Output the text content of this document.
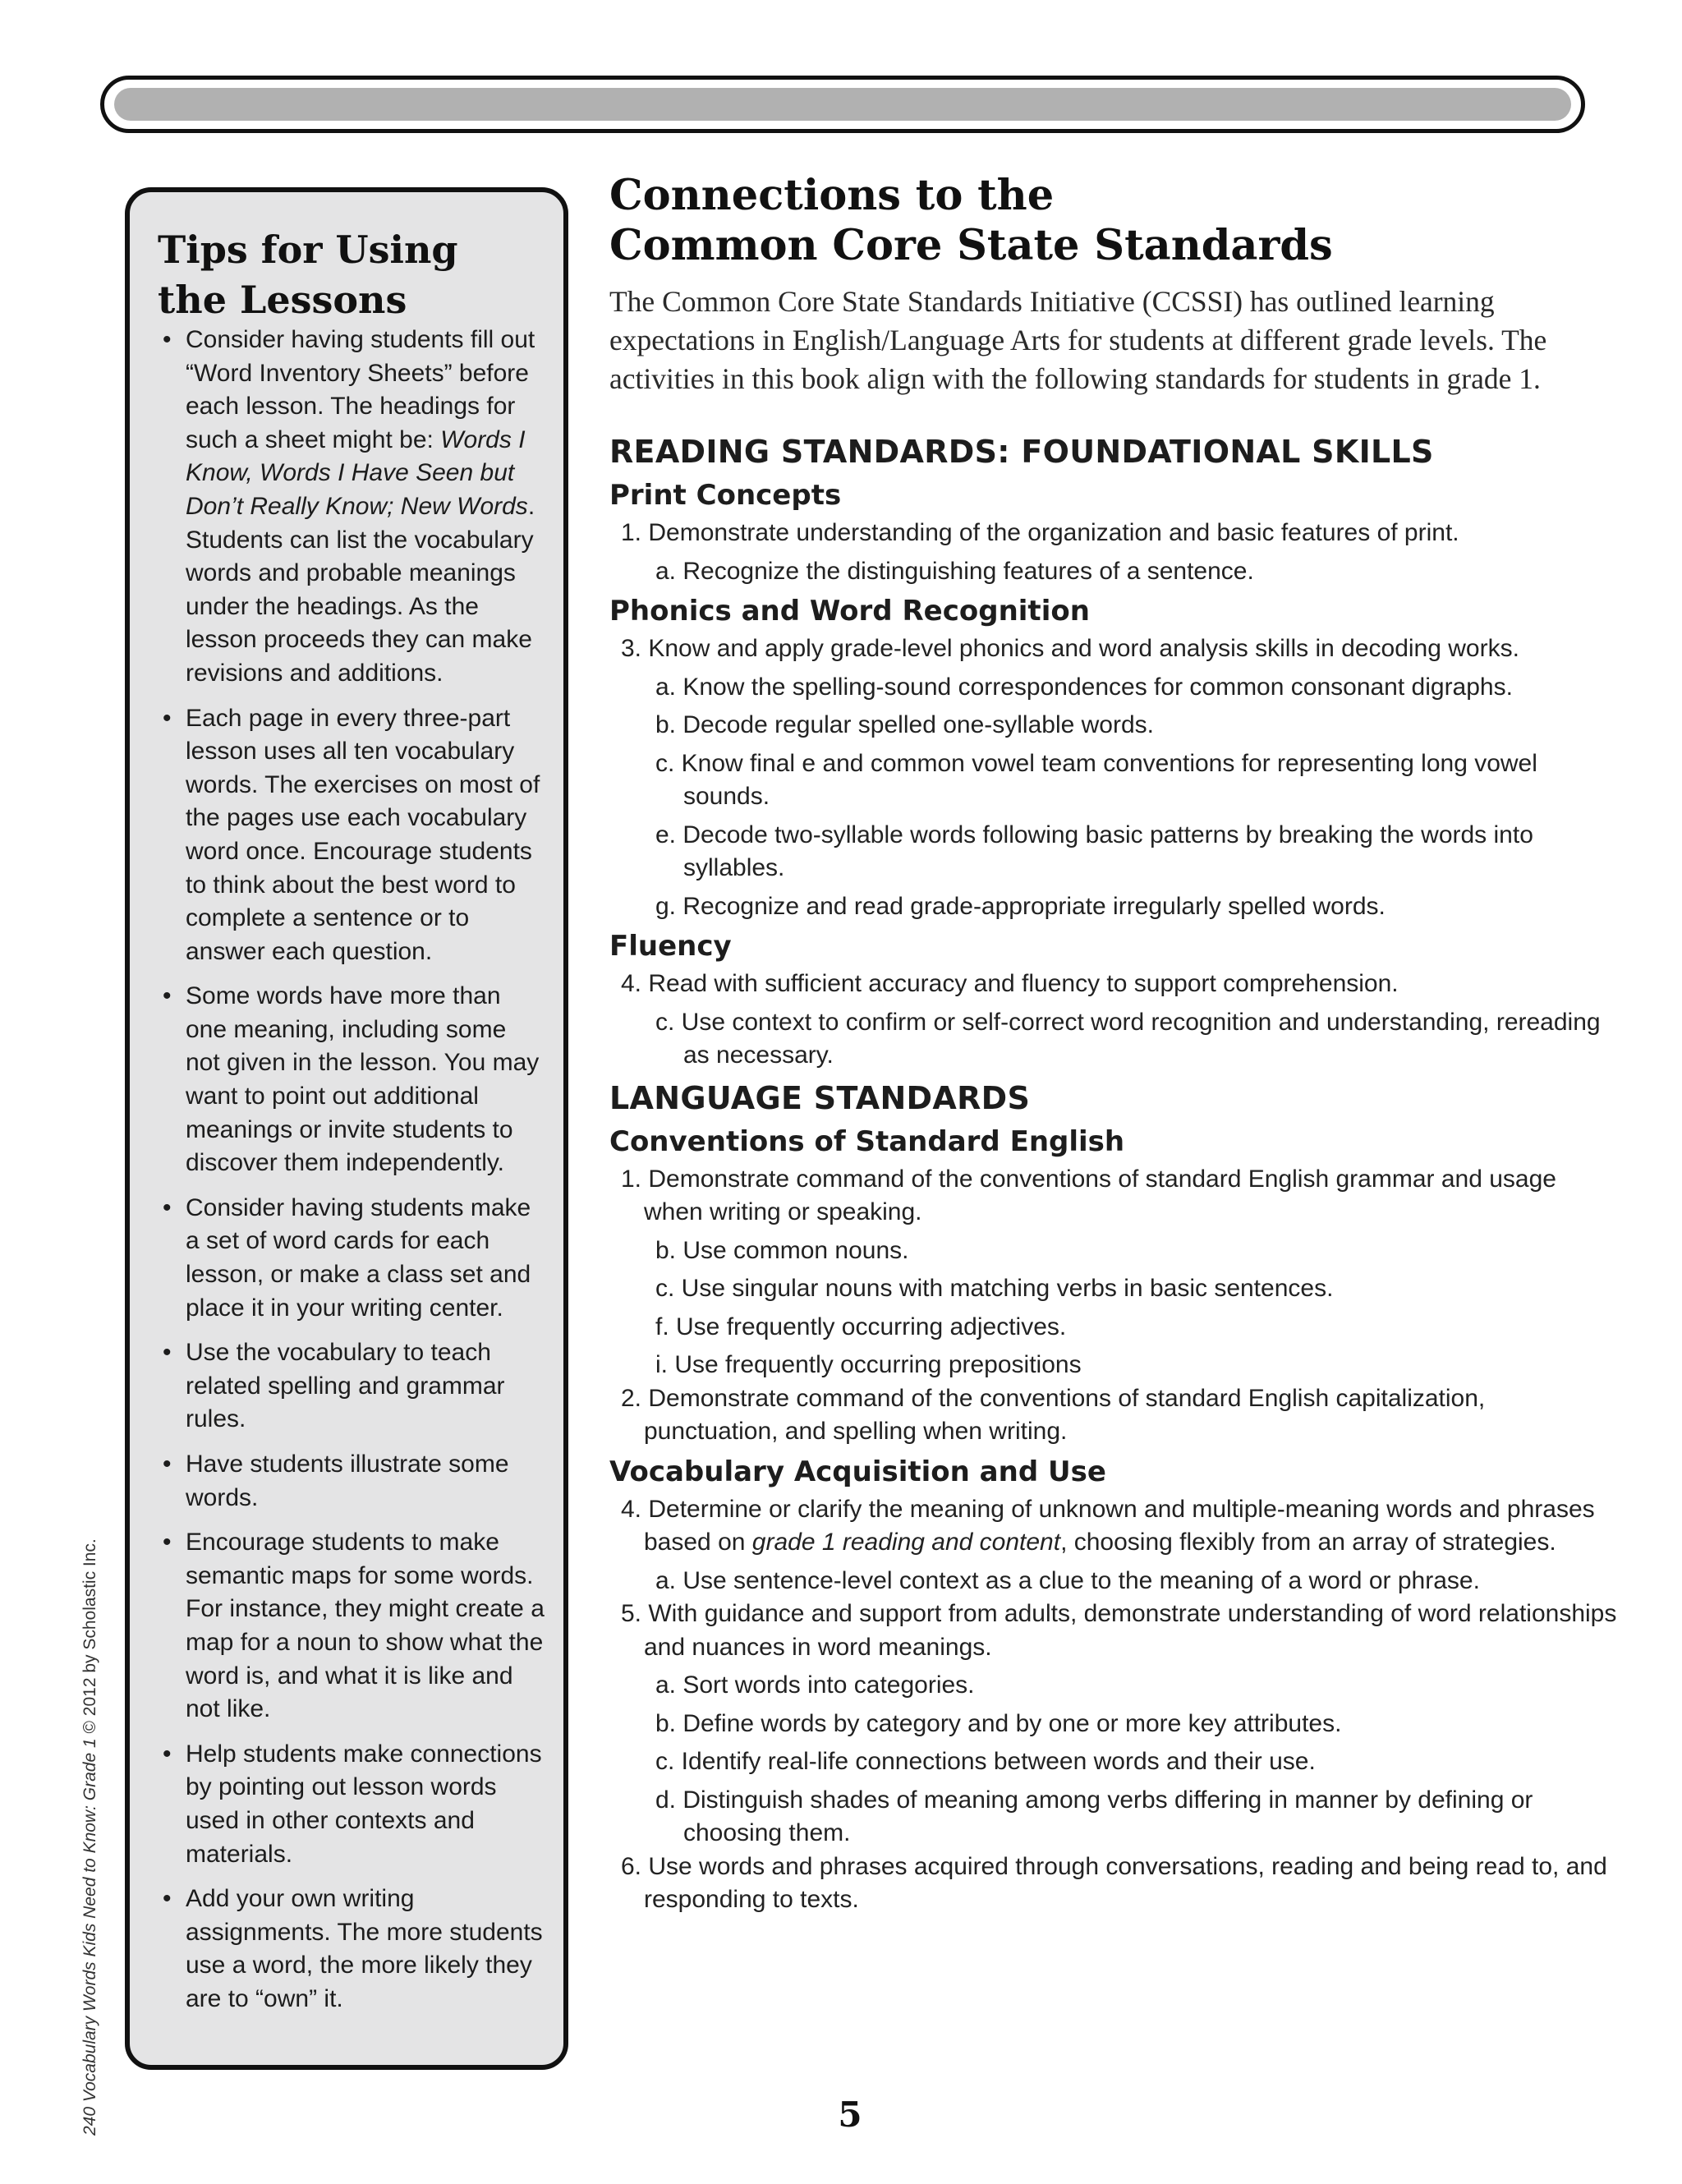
Tips for Using
the Lessons
• Consider having students fill out “Word Inventory Sheets” before each lesson. The headings for such a sheet might be: Words I Know, Words I Have Seen but Don’t Really Know; New Words. Students can list the vocabulary words and probable meanings under the headings. As the lesson proceeds they can make revisions and additions.
• Each page in every three-part lesson uses all ten vocabulary words. The exercises on most of the pages use each vocabulary word once. Encourage students to think about the best word to complete a sentence or to answer each question.
• Some words have more than one meaning, including some not given in the lesson. You may want to point out additional meanings or invite students to discover them independently.
• Consider having students make a set of word cards for each lesson, or make a class set and place it in your writing center.
• Use the vocabulary to teach related spelling and grammar rules.
• Have students illustrate some words.
• Encourage students to make semantic maps for some words. For instance, they might create a map for a noun to show what the word is, and what it is like and not like.
• Help students make connections by pointing out lesson words used in other contexts and materials.
• Add your own writing assignments. The more students use a word, the more likely they are to “own” it.
Connections to the
Common Core State Standards

The Common Core State Standards Initiative (CCSSI) has outlined learning expectations in English/Language Arts for students at different grade levels. The activities in this book align with the following standards for students in grade 1.

READING STANDARDS: FOUNDATIONAL SKILLS
Print Concepts

1. Demonstrate understanding of the organization and basic features of print.

a. Recognize the distinguishing features of a sentence.

Phonics and Word Recognition

3. Know and apply grade-level phonics and word analysis skills in decoding works.

a. Know the spelling-sound correspondences for common consonant digraphs.

b. Decode regular spelled one-syllable words.

c. Know final e and common vowel team conventions for representing long vowel sounds.

e. Decode two-syllable words following basic patterns by breaking the words into syllables.

g. Recognize and read grade-appropriate irregularly spelled words.

Fluency

4. Read with sufficient accuracy and fluency to support comprehension.

c. Use context to confirm or self-correct word recognition and understanding, rereading as necessary.

LANGUAGE STANDARDS
Conventions of Standard English

1. Demonstrate command of the conventions of standard English grammar and usage when writing or speaking.

b. Use common nouns.

c. Use singular nouns with matching verbs in basic sentences.

f. Use frequently occurring adjectives.

i. Use frequently occurring prepositions

2. Demonstrate command of the conventions of standard English capitalization, punctuation, and spelling when writing.

Vocabulary Acquisition and Use

4. Determine or clarify the meaning of unknown and multiple-meaning words and phrases based on grade 1 reading and content, choosing flexibly from an array of strategies.

a. Use sentence-level context as a clue to the meaning of a word or phrase.

5. With guidance and support from adults, demonstrate understanding of word relationships and nuances in word meanings.

a. Sort words into categories.

b. Define words by category and by one or more key attributes.

c. Identify real-life connections between words and their use.

d. Distinguish shades of meaning among verbs differing in manner by defining or choosing them.

6. Use words and phrases acquired through conversations, reading and being read to, and responding to texts.

5
240 Vocabulary Words Kids Need to Know: Grade 1 © 2012 by Scholastic Inc.
